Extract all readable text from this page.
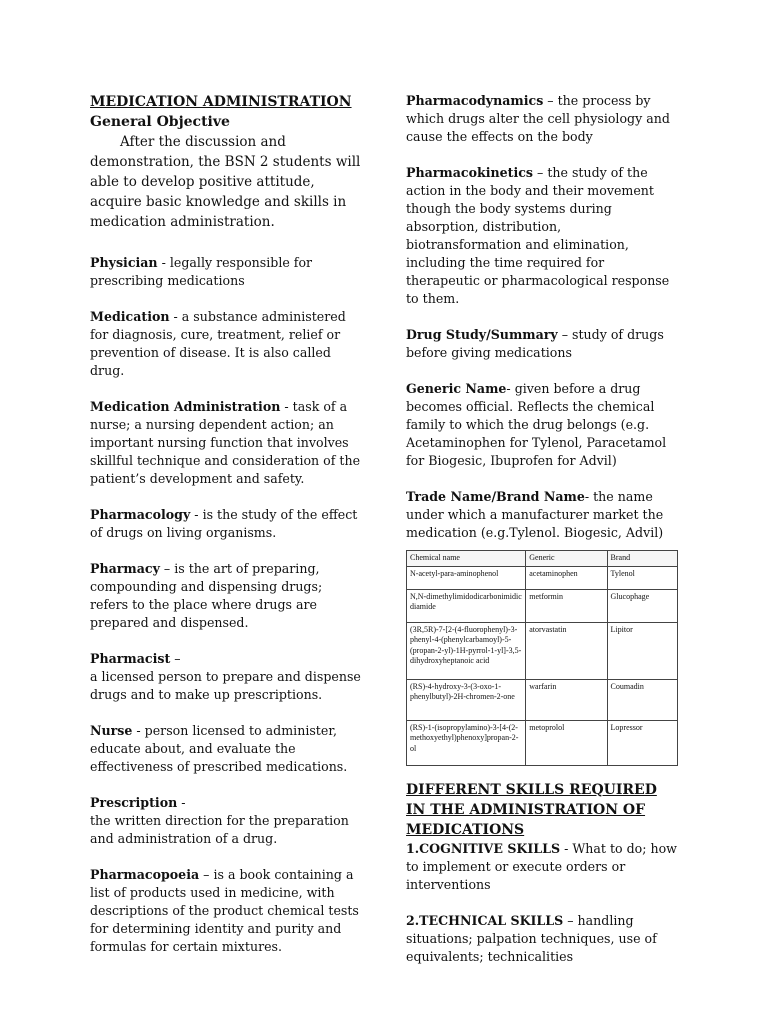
MEDICATION ADMINISTRATION

General Objective

After the discussion and demonstration, the BSN 2 students will able to develop positive attitude, acquire basic knowledge and skills in medication administration.

Physician - legally responsible for prescribing medications

Medication - a substance administered for diagnosis, cure, treatment, relief or prevention of disease. It is also called drug.

Medication Administration - task of a nurse; a nursing dependent action; an important nursing function that involves skillful technique and consideration of the patient’s development and safety.

Pharmacology - is the study of the effect of drugs on living organisms.

Pharmacy – is the art of preparing, compounding and dispensing drugs; refers to the place where drugs are prepared and dispensed.

Pharmacist –
a licensed person to prepare and dispense drugs and to make up prescriptions.

Nurse - person licensed to administer, educate about, and evaluate the effectiveness of prescribed medications.

Prescription -
the written direction for the preparation and administration of a drug.

Pharmacopoeia – is a book containing a list of products used in medicine, with descriptions of the product chemical tests for determining identity and purity and formulas for certain mixtures.

Pharmacodynamics – the process by which drugs alter the cell physiology and cause the effects on the body

Pharmacokinetics – the study of the action in the body and their movement though the body systems during absorption, distribution, biotransformation and elimination, including the time required for therapeutic or pharmacological response to them.

Drug Study/Summary – study of drugs before giving medications

Generic Name- given before a drug becomes official. Reflects the chemical family to which the drug belongs (e.g. Acetaminophen for Tylenol, Paracetamol for Biogesic, Ibuprofen for Advil)

Trade Name/Brand Name- the name under which a manufacturer market the medication (e.g.Tylenol. Biogesic, Advil)

Chemical name	Generic	Brand
N-acetyl-para-aminophenol	acetaminophen	Tylenol
N,N-dimethylimidodicarbonimidic diamide	metformin	Glucophage
(3R,5R)-7-[2-(4-fluorophenyl)-3-phenyl-4-(phenylcarbamoyl)-5-(propan-2-yl)-1H-pyrrol-1-yl]-3,5-dihydroxyheptanoic acid	atorvastatin	Lipitor
(RS)-4-hydroxy-3-(3-oxo-1-phenylbutyl)-2H-chromen-2-one	warfarin	Coumadin
(RS)-1-(isopropylamino)-3-[4-(2-methoxyethyl)phenoxy]propan-2-ol	metoprolol	Lopressor

DIFFERENT SKILLS REQUIRED IN THE ADMINISTRATION OF MEDICATIONS

1.COGNITIVE SKILLS - What to do; how to implement or execute orders or interventions

2.TECHNICAL SKILLS – handling situations; palpation techniques, use of equivalents; technicalities
